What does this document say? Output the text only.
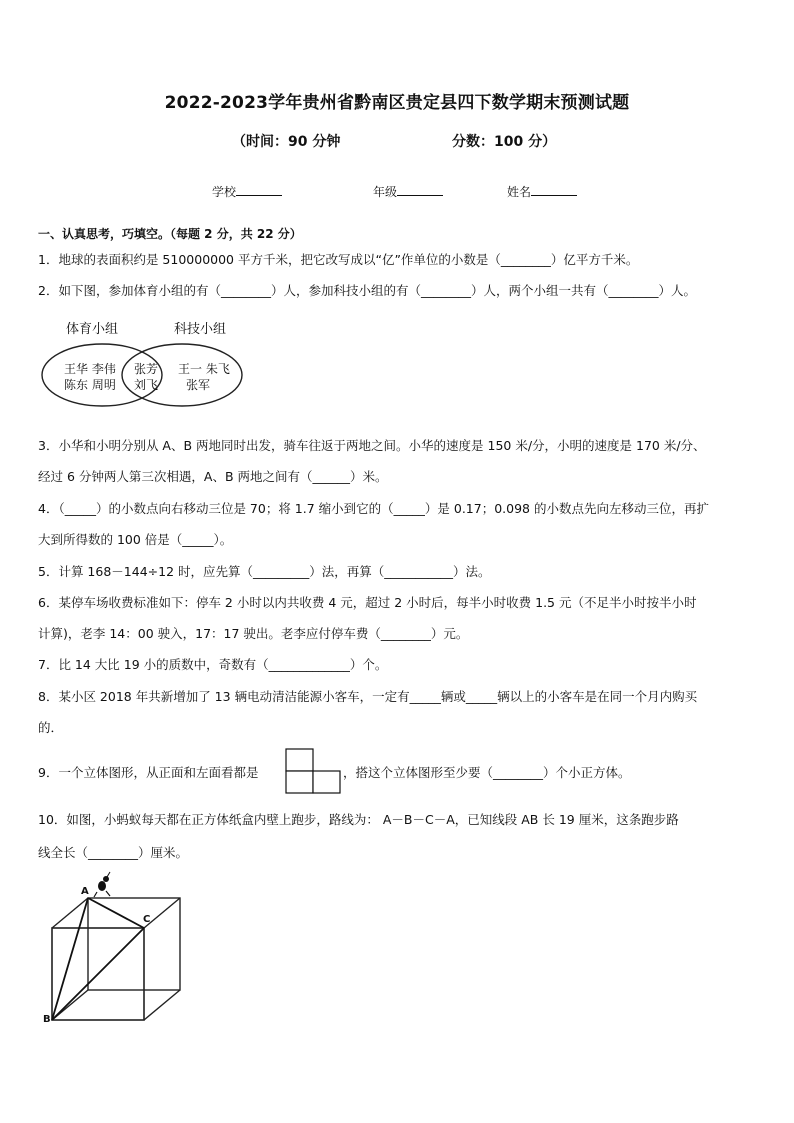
2022-2023学年贵州省黔南区贵定县四下数学期末预测试题
（时间：90 分钟	分数：100 分）
学校	年级	姓名
一、认真思考，巧填空。（每题 2 分，共 22 分）
1．地球的表面积约是 510000000 平方千米，把它改写成以“亿”作单位的小数是（________）亿平方千米。
2．如下图，参加体育小组的有（________）人，参加科技小组的有（________）人，两个小组一共有（________）人。
体育小组	科技小组
王华 李伟
陈东 周明
张芳
刘飞
王一 朱飞
张军
3．小华和小明分别从 A、B 两地同时出发，骑车往返于两地之间。小华的速度是 150 米/分，小明的速度是 170 米/分、
经过 6 分钟两人第三次相遇，A、B 两地之间有（______）米。
4．（_____）的小数点向右移动三位是 70；将 1.7 缩小到它的（_____）是 0.17；0.098 的小数点先向左移动三位，再扩
大到所得数的 100 倍是（_____）。
5．计算 168－144÷12 时，应先算（_________）法，再算（___________）法。
6．某停车场收费标准如下：停车 2 小时以内共收费 4 元，超过 2 小时后，每半小时收费 1.5 元（不足半小时按半小时
计算)，老李 14：00 驶入，17：17 驶出。老李应付停车费（________）元。
7．比 14 大比 19 小的质数中，奇数有（_____________）个。
8．某小区 2018 年共新增加了 13 辆电动清洁能源小客车，一定有_____辆或_____辆以上的小客车是在同一个月内购买
的．
9．一个立体图形，从正面和左面看都是	，搭这个立体图形至少要（________）个小正方体。
10．如图，小蚂蚁每天都在正方体纸盒内壁上跑步，路线为： A－B－C－A，已知线段 AB 长 19 厘米，这条跑步路
线全长（________）厘米。
A
C
B
